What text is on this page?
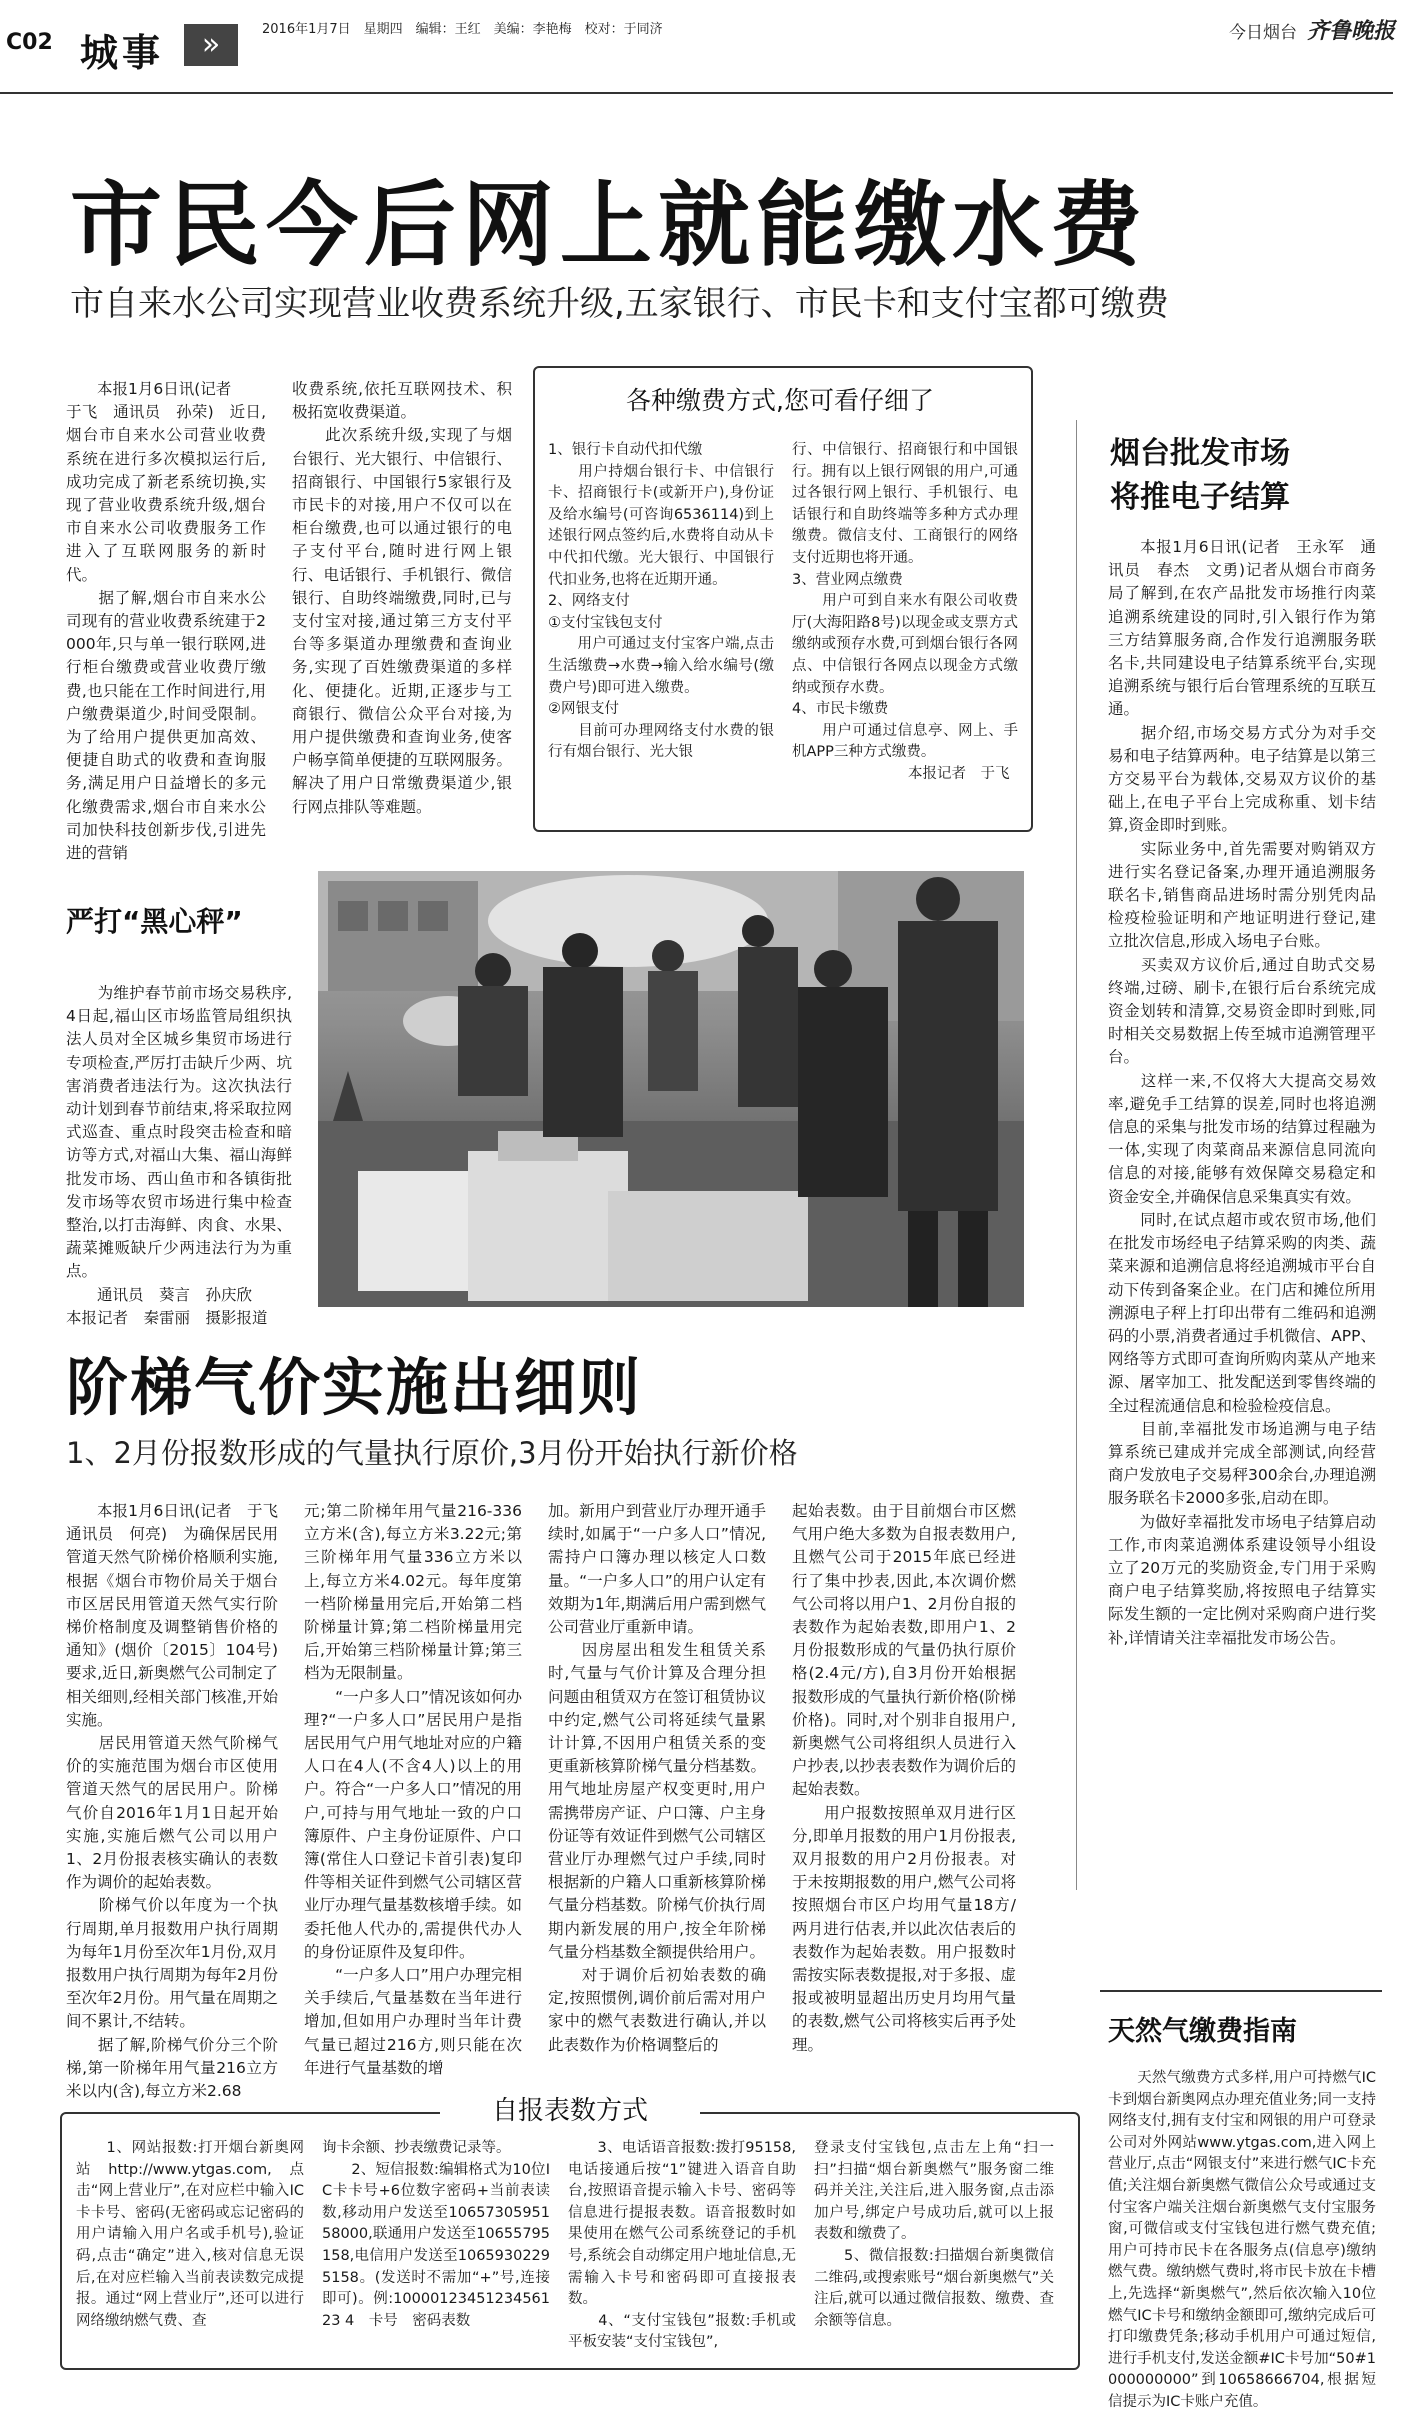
C02 城事	»	2016年1月7日　星期四　编辑：王红　美编：李艳梅　校对：于同济	今日烟台 齐鲁晚报
市民今后网上就能缴水费
市自来水公司实现营业收费系统升级,五家银行、市民卡和支付宝都可缴费
　　本报1月6日讯(记者
于飞　通讯员　孙荣)　近日,烟台市自来水公司营业收费系统在进行多次模拟运行后,成功完成了新老系统切换,实现了营业收费系统升级,烟台市自来水公司收费服务工作进入了互联网服务的新时代。
　　据了解,烟台市自来水公司现有的营业收费系统建于2000年,只与单一银行联网,进行柜台缴费或营业收费厅缴费,也只能在工作时间进行,用户缴费渠道少,时间受限制。为了给用户提供更加高效、便捷自助式的收费和查询服务,满足用户日益增长的多元化缴费需求,烟台市自来水公司加快科技创新步伐,引进先进的营销
收费系统,依托互联网技术、积极拓宽收费渠道。
　　此次系统升级,实现了与烟台银行、光大银行、中信银行、招商银行、中国银行5家银行及市民卡的对接,用户不仅可以在柜台缴费,也可以通过银行的电子支付平台,随时进行网上银行、电话银行、手机银行、微信银行、自助终端缴费,同时,已与支付宝对接,通过第三方支付平台等多渠道办理缴费和查询业务,实现了百姓缴费渠道的多样化、便捷化。近期,正逐步与工商银行、微信公众平台对接,为用户提供缴费和查询业务,使客户畅享简单便捷的互联网服务。解决了用户日常缴费渠道少,银行网点排队等难题。
各种缴费方式,您可看仔细了
1、银行卡自动代扣代缴
　　用户持烟台银行卡、中信银行卡、招商银行卡(或新开户),身份证及给水编号(可咨询6536114)到上述银行网点签约后,水费将自动从卡中代扣代缴。光大银行、中国银行代扣业务,也将在近期开通。
2、网络支付
①支付宝钱包支付
　　用户可通过支付宝客户端,点击生活缴费→水费→输入给水编号(缴费户号)即可进入缴费。
②网银支付
　　目前可办理网络支付水费的银行有烟台银行、光大银
行、中信银行、招商银行和中国银行。拥有以上银行网银的用户,可通过各银行网上银行、手机银行、电话银行和自助终端等多种方式办理缴费。微信支付、工商银行的网络支付近期也将开通。
3、营业网点缴费
　　用户可到自来水有限公司收费厅(大海阳路8号)以现金或支票方式缴纳或预存水费,可到烟台银行各网点、中信银行各网点以现金方式缴纳或预存水费。
4、市民卡缴费
　　用户可通过信息亭、网上、手机APP三种方式缴费。
　　　　　　　　本报记者　于飞
烟台批发市场
将推电子结算
　　本报1月6日讯(记者　王永军　通讯员　春杰　文勇)记者从烟台市商务局了解到,在农产品批发市场推行肉菜追溯系统建设的同时,引入银行作为第三方结算服务商,合作发行追溯服务联名卡,共同建设电子结算系统平台,实现追溯系统与银行后台管理系统的互联互通。
　　据介绍,市场交易方式分为对手交易和电子结算两种。电子结算是以第三方交易平台为载体,交易双方议价的基础上,在电子平台上完成称重、划卡结算,资金即时到账。
　　实际业务中,首先需要对购销双方进行实名登记备案,办理开通追溯服务联名卡,销售商品进场时需分别凭肉品检疫检验证明和产地证明进行登记,建立批次信息,形成入场电子台账。
　　买卖双方议价后,通过自助式交易终端,过磅、刷卡,在银行后台系统完成资金划转和清算,交易资金即时到账,同时相关交易数据上传至城市追溯管理平台。
　　这样一来,不仅将大大提高交易效率,避免手工结算的误差,同时也将追溯信息的采集与批发市场的结算过程融为一体,实现了肉菜商品来源信息同流向信息的对接,能够有效保障交易稳定和资金安全,并确保信息采集真实有效。
　　同时,在试点超市或农贸市场,他们在批发市场经电子结算采购的肉类、蔬菜来源和追溯信息将经追溯城市平台自动下传到备案企业。在门店和摊位所用溯源电子秤上打印出带有二维码和追溯码的小票,消费者通过手机微信、APP、网络等方式即可查询所购肉菜从产地来源、屠宰加工、批发配送到零售终端的全过程流通信息和检验检疫信息。
　　目前,幸福批发市场追溯与电子结算系统已建成并完成全部测试,向经营商户发放电子交易秤300余台,办理追溯服务联名卡2000多张,启动在即。
　　为做好幸福批发市场电子结算启动工作,市肉菜追溯体系建设领导小组设立了20万元的奖励资金,专门用于采购商户电子结算奖励,将按照电子结算实际发生额的一定比例对采购商户进行奖补,详情请关注幸福批发市场公告。
严打“黑心秤”
　　为维护春节前市场交易秩序,4日起,福山区市场监管局组织执法人员对全区城乡集贸市场进行专项检查,严厉打击缺斤少两、坑害消费者违法行为。这次执法行动计划到春节前结束,将采取拉网式巡查、重点时段突击检查和暗访等方式,对福山大集、福山海鲜批发市场、西山鱼市和各镇街批发市场等农贸市场进行集中检查整治,以打击海鲜、肉食、水果、蔬菜摊贩缺斤少两违法行为为重点。
　　通讯员　葵言　孙庆欣
本报记者　秦雷丽　摄影报道
阶梯气价实施出细则
1、2月份报数形成的气量执行原价,3月份开始执行新价格
　　本报1月6日讯(记者　于飞　通讯员　何亮)　为确保居民用管道天然气阶梯价格顺利实施,根据《烟台市物价局关于烟台市区居民用管道天然气实行阶梯价格制度及调整销售价格的通知》(烟价〔2015〕104号)要求,近日,新奥燃气公司制定了相关细则,经相关部门核准,开始实施。
　　居民用管道天然气阶梯气价的实施范围为烟台市区使用管道天然气的居民用户。阶梯气价自2016年1月1日起开始实施,实施后燃气公司以用户1、2月份报表核实确认的表数作为调价的起始表数。
　　阶梯气价以年度为一个执行周期,单月报数用户执行周期为每年1月份至次年1月份,双月报数用户执行周期为每年2月份至次年2月份。用气量在周期之间不累计,不结转。
　　据了解,阶梯气价分三个阶梯,第一阶梯年用气量216立方米以内(含),每立方米2.68
元;第二阶梯年用气量216-336立方米(含),每立方米3.22元;第三阶梯年用气量336立方米以上,每立方米4.02元。每年度第一档阶梯量用完后,开始第二档阶梯量计算;第二档阶梯量用完后,开始第三档阶梯量计算;第三档为无限制量。
　　“一户多人口”情况该如何办理?“一户多人口”居民用户是指居民用气户用气地址对应的户籍人口在4人(不含4人)以上的用户。符合“一户多人口”情况的用户,可持与用气地址一致的户口簿原件、户主身份证原件、户口簿(常住人口登记卡首引表)复印件等相关证件到燃气公司辖区营业厅办理气量基数核增手续。如委托他人代办的,需提供代办人的身份证原件及复印件。
　　“一户多人口”用户办理完相关手续后,气量基数在当年进行增加,但如用户办理时当年计费气量已超过216方,则只能在次年进行气量基数的增
加。新用户到营业厅办理开通手续时,如属于“一户多人口”情况,需持户口簿办理以核定人口数量。“一户多人口”的用户认定有效期为1年,期满后用户需到燃气公司营业厅重新申请。
　　因房屋出租发生租赁关系时,气量与气价计算及合理分担问题由租赁双方在签订租赁协议中约定,燃气公司将延续气量累计计算,不因用户租赁关系的变更重新核算阶梯气量分档基数。用气地址房屋产权变更时,用户需携带房产证、户口簿、户主身份证等有效证件到燃气公司辖区营业厅办理燃气过户手续,同时根据新的户籍人口重新核算阶梯气量分档基数。阶梯气价执行周期内新发展的用户,按全年阶梯气量分档基数全额提供给用户。
　　对于调价后初始表数的确定,按照惯例,调价前后需对用户家中的燃气表数进行确认,并以此表数作为价格调整后的
起始表数。由于目前烟台市区燃气用户绝大多数为自报表数用户,且燃气公司于2015年底已经进行了集中抄表,因此,本次调价燃气公司将以用户1、2月份自报的表数作为起始表数,即用户1、2月份报数形成的气量仍执行原价格(2.4元/方),自3月份开始根据报数形成的气量执行新价格(阶梯价格)。同时,对个别非自报用户,新奥燃气公司将组织人员进行入户抄表,以抄表表数作为调价后的起始表数。
　　用户报数按照单双月进行区分,即单月报数的用户1月份报表,双月报数的用户2月份报表。对于未按期报数的用户,燃气公司将按照烟台市区户均用气量18方/两月进行估表,并以此次估表后的表数作为起始表数。用户报数时需按实际表数提报,对于多报、虚报或被明显超出历史月均用气量的表数,燃气公司将核实后再予处理。
自报表数方式
　　1、网站报数:打开烟台新奥网站http://www.ytgas.com,点击“网上营业厅”,在对应栏中输入IC卡卡号、密码(无密码或忘记密码的用户请输入用户名或手机号),验证码,点击“确定”进入,核对信息无误后,在对应栏输入当前表读数完成提报。通过“网上营业厅”,还可以进行网络缴纳燃气费、查
询卡余额、抄表缴费记录等。
　　2、短信报数:编辑格式为10位IC卡卡号+6位数字密码+当前表读数,移动用户发送至1065730595158000,联通用户发送至1065579515​8,电信用户发送至10659302295158。(发送时不需加“+”号,连接即可)。例:1000012345123456123 4　卡号　密码表数
　　3、电话语音报数:拨打95158,电话接通后按“1”键进入语音自助台,按照语音提示输入卡号、密码等信息进行提报表数。语音报数时如果使用在燃气公司系统登记的手机号,系统会自动绑定用户地址信息,无需输入卡号和密码即可直接报表数。
　　4、“支付宝钱包”报数:手机或平板安装“支付宝钱包”,
登录支付宝钱包,点击左上角“扫一扫”扫描“烟台新奥燃气”服务窗二维码并关注,关注后,进入服务窗,点击添加户号,绑定户号成功后,就可以上报表数和缴费了。
　　5、微信报数:扫描烟台新奥微信二维码,或搜索账号“烟台新奥燃气”关注后,就可以通过微信报数、缴费、查余额等信息。
天然气缴费指南
　　天然气缴费方式多样,用户可持燃气IC卡到烟台新奥网点办理充值业务;同一支持网络支付,拥有支付宝和网银的用户可登录公司对外网站www.ytgas.com,进入网上营业厅,点击“网银支付”来进行燃气IC卡充值;关注烟台新奥燃气微信公众号或通过支付宝客户端关注烟台新奥燃气支付宝服务窗,可微信或支付宝钱包进行燃气费充值;用户可持市民卡在各服务点(信息亭)缴纳燃气费。缴纳燃气费时,将市民卡放在卡槽上,先选择“新奥燃气”,然后依次输入10位燃气IC卡号和缴纳金额即可,缴纳完成后可打印缴费凭条;移动手机用户可通过短信,进行手机支付,发送金额#IC卡号加“50#1000000000”到10658666704,根据短信提示为IC卡账户充值。
